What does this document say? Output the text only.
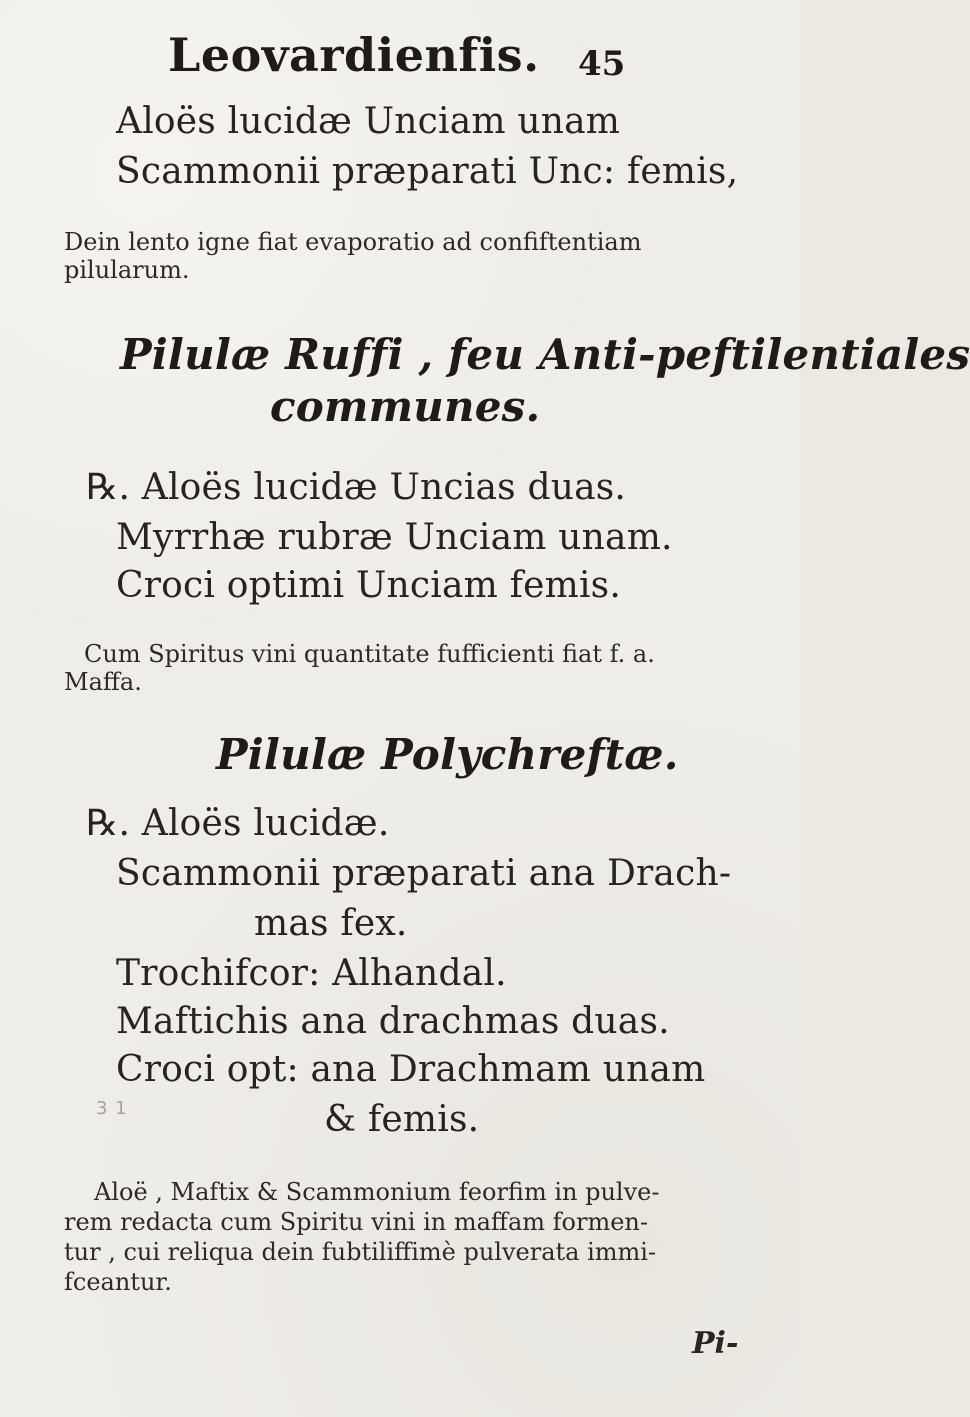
Leovardienfis. 45
Aloës lucidæ Unciam unam
Scammonii præparati Unc: femis,
Dein lento igne fiat evaporatio ad confiftentiam
pilularum.
Pilulæ Ruffi , feu Anti-peftilentiales
communes.
℞. Aloës lucidæ Uncias duas.
Myrrhæ rubræ Unciam unam.
Croci optimi Unciam femis.
Cum Spiritus vini quantitate fufficienti fiat f. a.
Maffa.
Pilulæ Polychreftæ.
℞. Aloës lucidæ.
Scammonii præparati ana Drach-
mas fex.
Trochifcor: Alhandal.
Maftichis ana drachmas duas.
Croci opt: ana Drachmam unam
& femis.
3 1
Aloë , Maftix & Scammonium feorfim in pulve-
rem redacta cum Spiritu vini in maffam formen-
tur , cui reliqua dein fubtiliffimè pulverata immi-
fceantur.
Pi-
